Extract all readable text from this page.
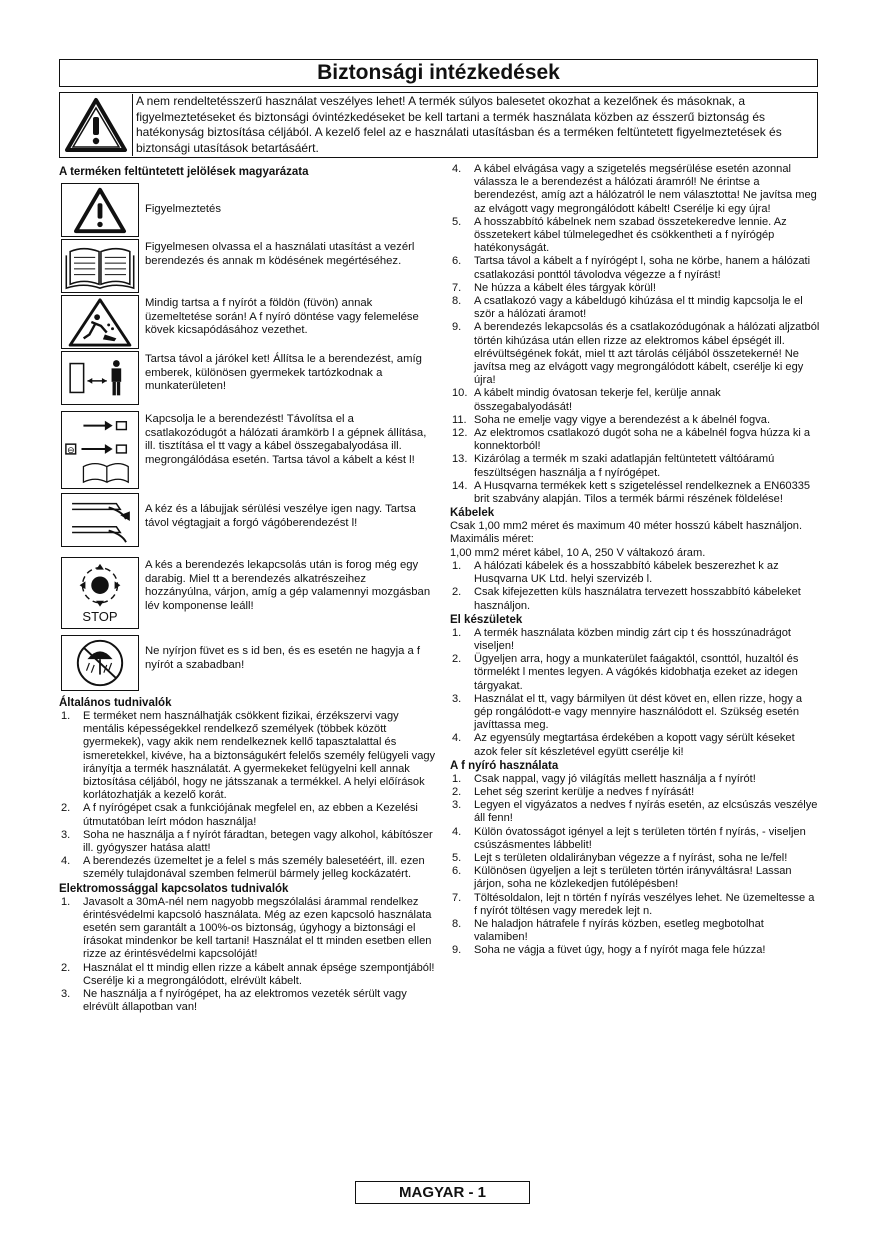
Biztonsági intézkedések
A nem rendeltetésszerű használat veszélyes lehet! A termék súlyos balesetet okozhat a kezelőnek és másoknak, a figyelmeztetéseket és biztonsági óvintézkedéseket be kell tartani a termék használata közben az ésszerű biztonság és hatékonyság biztosítása céljából. A kezelő felel az e használati utasításban és a terméken feltüntetett figyelmeztetések és biztonsági utasítások betartásáért.
A terméken feltüntetett jelölések magyarázata
Figyelmeztetés
Figyelmesen olvassa el a használati utasítást a vezérl berendezés és annak m ködésének megértéséhez.
Mindig tartsa a f nyírót a földön (füvön) annak üzemeltetése során! A f nyíró döntése vagy felemelése kövek kicsapódásához vezethet.
Tartsa távol a járókel ket! Állítsa le a berendezést, amíg emberek, különösen gyermekek tartózkodnak a munkaterületen!
⊖
Kapcsolja le a berendezést! Távolítsa el a csatlakozódugót a hálózati áramkörb l a gépnek állítása, ill. tisztítása el tt vagy a kábel összegabalyodása ill. megrongálódása esetén. Tartsa távol a kábelt a kést l!
A kéz és a lábujjak sérülési veszélye igen nagy. Tartsa távol végtagjait a forgó vágóberendezést l!
STOP
A kés a berendezés lekapcsolás után is forog még egy darabig. Miel tt a berendezés alkatrészeihez hozzányúlna, várjon, amíg a gép valamennyi mozgásban lév komponense leáll!
Ne nyírjon füvet es s id ben, és es esetén ne hagyja a f nyírót a szabadban!
Általános tudnivalók
1. E terméket nem használhatják csökkent fizikai, érzékszervi vagy mentális képességekkel rendelkező személyek (többek között gyermekek), vagy akik nem rendelkeznek kellő tapasztalattal és ismeretekkel, kivéve, ha a biztonságukért felelős személy felügyeli vagy irányítja a termék használatát. A gyermekeket felügyelni kell annak biztosítása céljából, hogy ne játsszanak a termékkel. A helyi előírások korlátozhatják a kezelő korát.
2. A f nyírógépet csak a funkciójának megfelel en, az ebben a Kezelési útmutatóban leírt módon használja!
3. Soha ne használja a f nyírót fáradtan, betegen vagy alkohol, kábítószer ill. gyógyszer hatása alatt!
4. A berendezés üzemeltet je a felel s más személy balesetéért, ill. ezen személy tulajdonával szemben felmerül bármely jelleg kockázatért.
Elektromossággal kapcsolatos tudnivalók
1. Javasolt a 30mA-nél nem nagyobb megszólalási árammal rendelkez érintésvédelmi kapcsoló használata. Még az ezen kapcsoló használata esetén sem garantált a 100%-os biztonság, úgyhogy a biztonsági el írásokat mindenkor be kell tartani! Használat el tt minden esetben ellen rizze az érintésvédelmi kapcsolóját!
2. Használat el tt mindig ellen rizze a kábelt annak épsége szempontjából! Cserélje ki a megrongálódott, elrévült kábelt.
3. Ne használja a f nyírógépet, ha az elektromos vezeték sérült vagy elrévült állapotban van!
4. A kábel elvágása vagy a szigetelés megsérülése esetén azonnal válassza le a berendezést a hálózati áramról! Ne érintse a berendezést, amíg azt a hálózatról le nem választotta! Ne javítsa meg az elvágott vagy megrongálódott kábelt! Cserélje ki egy újra!
5. A hosszabbító kábelnek nem szabad összetekeredve lennie. Az összetekert kábel túlmelegedhet és csökkentheti a f nyírógép hatékonyságát.
6. Tartsa távol a kábelt a f nyírógépt l, soha ne körbe, hanem a hálózati csatlakozási ponttól távolodva végezze a f nyírást!
7. Ne húzza a kábelt éles tárgyak körül!
8. A csatlakozó vagy a kábeldugó kihúzása el tt mindig kapcsolja le el ször a hálózati áramot!
9. A berendezés lekapcsolás és a csatlakozódugónak a hálózati aljzatból történ kihúzása után ellen rizze az elektromos kábel épségét ill. elrévültségének fokát, miel tt azt tárolás céljából összetekerné! Ne javítsa meg az elvágott vagy megrongálódott kábelt, cserélje ki egy újra!
10. A kábelt mindig óvatosan tekerje fel, kerülje annak összegabalyodását!
11. Soha ne emelje vagy vigye a berendezést a k ábelnél fogva.
12. Az elektromos csatlakozó dugót soha ne a kábelnél fogva húzza ki a konnektorból!
13. Kizárólag a termék m szaki adatlapján feltüntetett váltóáramú feszültségen használja a f nyírógépet.
14. A Husqvarna termékek kett s szigeteléssel rendelkeznek a EN60335 brit szabvány alapján. Tilos a termék bármi részének földelése!
Kábelek

Csak 1,00 mm2 méret és maximum 40 méter hosszú kábelt használjon.

Maximális méret:

1,00 mm2 méret kábel, 10 A, 250 V váltakozó áram.

1. A hálózati kábelek és a hosszabbító kábelek beszerezhet k az Husqvarna UK Ltd. helyi szervizéb l.
2. Csak kifejezetten küls használatra tervezett hosszabbító kábeleket használjon.
El készületek
1. A termék használata közben mindig zárt cip t és hosszúnadrágot viseljen!
2. Ügyeljen arra, hogy a munkaterület faágaktól, csonttól, huzaltól és törmelékt l mentes legyen. A vágókés kidobhatja ezeket az idegen tárgyakat.
3. Használat el tt, vagy bármilyen üt dést követ en, ellen rizze, hogy a gép rongálódott-e vagy mennyire használódott el. Szükség esetén javíttassa meg.
4. Az egyensúly megtartása érdekében a kopott vagy sérült késeket azok feler sít készletével együtt cserélje ki!
A f nyíró használata
1. Csak nappal, vagy jó világítás mellett használja a f nyírót!
2. Lehet ség szerint kerülje a nedves f nyírását!
3. Legyen el vigyázatos a nedves f nyírás esetén, az elcsúszás veszélye áll fenn!
4. Külön óvatosságot igényel a lejt s területen történ f nyírás, - viseljen csúszásmentes lábbelit!
5. Lejt s területen oldalirányban végezze a f nyírást, soha ne le/fel!
6. Különösen ügyeljen a lejt s területen történ irányváltásra! Lassan járjon, soha ne közlekedjen futólépésben!
7. Töltésoldalon, lejt n történ f nyírás veszélyes lehet. Ne üzemeltesse a f nyírót töltésen vagy meredek lejt n.
8. Ne haladjon hátrafele f nyírás közben, esetleg megbotolhat valamiben!
9. Soha ne vágja a füvet úgy, hogy a f nyírót maga fele húzza!
MAGYAR - 1
